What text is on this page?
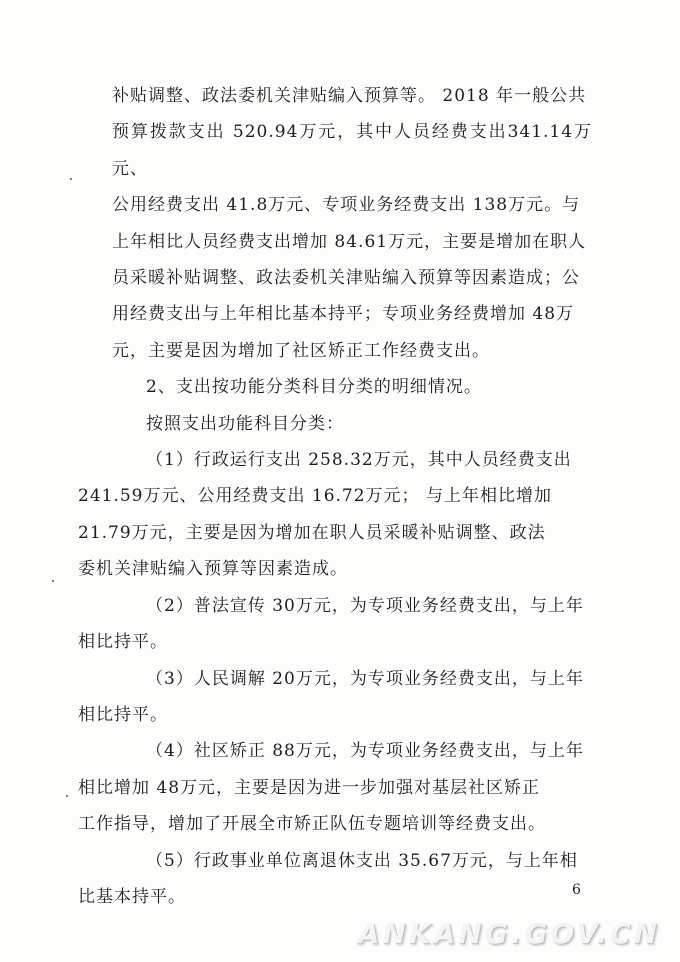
补贴调整、政法委机关津贴编入预算等。 2018 年一般公共
预算拨款支出 520.94万元，其中人员经费支出341.14万元、
公用经费支出 41.8万元、专项业务经费支出 138万元。与
上年相比人员经费支出增加 84.61万元，主要是增加在职人
员采暖补贴调整、政法委机关津贴编入预算等因素造成；公
用经费支出与上年相比基本持平；专项业务经费增加 48万
元，主要是因为增加了社区矫正工作经费支出。

2、支出按功能分类科目分类的明细情况。

按照支出功能科目分类：

（1）行政运行支出 258.32万元，其中人员经费支出
241.59万元、公用经费支出 16.72万元； 与上年相比增加
21.79万元，主要是因为增加在职人员采暖补贴调整、政法
委机关津贴编入预算等因素造成。

（2）普法宣传 30万元，为专项业务经费支出，与上年
相比持平。

（3）人民调解 20万元，为专项业务经费支出，与上年
相比持平。

（4）社区矫正 88万元，为专项业务经费支出，与上年
相比增加 48万元，主要是因为进一步加强对基层社区矫正
工作指导，增加了开展全市矫正队伍专题培训等经费支出。

（5）行政事业单位离退休支出 35.67万元，与上年相
比基本持平。	6
ANKANG.GOV.CN
